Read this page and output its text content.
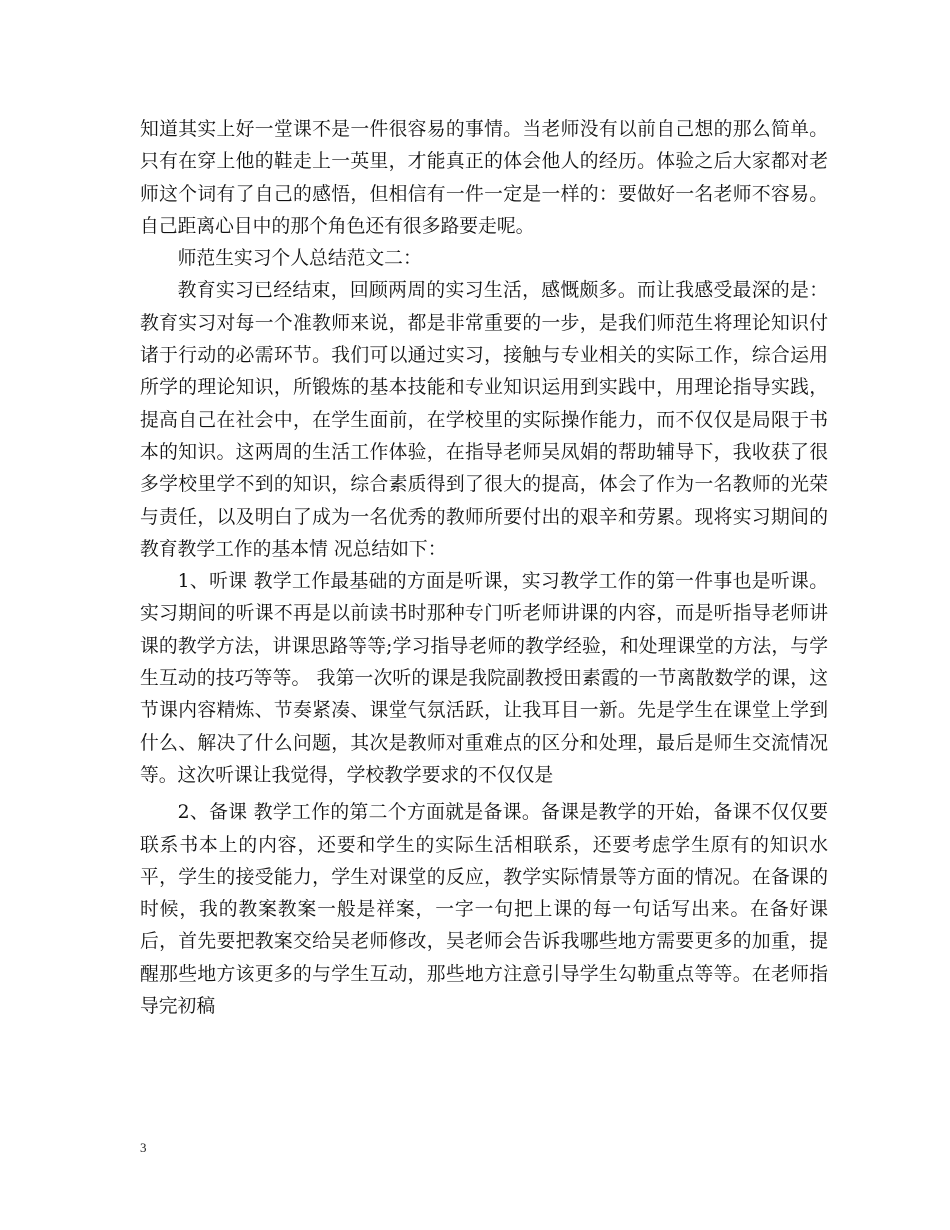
知道其实上好一堂课不是一件很容易的事情。当老师没有以前自己想的那么简单。只有在穿上他的鞋走上一英里，才能真正的体会他人的经历。体验之后大家都对老师这个词有了自己的感悟，但相信有一件一定是一样的：要做好一名老师不容易。自己距离心目中的那个角色还有很多路要走呢。

师范生实习个人总结范文二：

教育实习已经结束，回顾两周的实习生活，感慨颇多。而让我感受最深的是：教育实习对每一个准教师来说，都是非常重要的一步，是我们师范生将理论知识付诸于行动的必需环节。我们可以通过实习，接触与专业相关的实际工作，综合运用所学的理论知识，所锻炼的基本技能和专业知识运用到实践中，用理论指导实践，提高自己在社会中，在学生面前，在学校里的实际操作能力，而不仅仅是局限于书本的知识。这两周的生活工作体验，在指导老师吴凤娟的帮助辅导下，我收获了很多学校里学不到的知识，综合素质得到了很大的提高，体会了作为一名教师的光荣与责任，以及明白了成为一名优秀的教师所要付出的艰辛和劳累。现将实习期间的教育教学工作的基本情 况总结如下：

1、听课 教学工作最基础的方面是听课，实习教学工作的第一件事也是听课。实习期间的听课不再是以前读书时那种专门听老师讲课的内容，而是听指导老师讲课的教学方法，讲课思路等等;学习指导老师的教学经验，和处理课堂的方法，与学生互动的技巧等等。 我第一次听的课是我院副教授田素霞的一节离散数学的课，这节课内容精炼、节奏紧凑、课堂气氛活跃，让我耳目一新。先是学生在课堂上学到什么、解决了什么问题，其次是教师对重难点的区分和处理，最后是师生交流情况等。这次听课让我觉得，学校教学要求的不仅仅是

2、备课 教学工作的第二个方面就是备课。备课是教学的开始，备课不仅仅要联系书本上的内容，还要和学生的实际生活相联系，还要考虑学生原有的知识水平，学生的接受能力，学生对课堂的反应，教学实际情景等方面的情况。在备课的时候，我的教案教案一般是祥案，一字一句把上课的每一句话写出来。在备好课后，首先要把教案交给吴老师修改，吴老师会告诉我哪些地方需要更多的加重，提醒那些地方该更多的与学生互动，那些地方注意引导学生勾勒重点等等。在老师指导完初稿

3
